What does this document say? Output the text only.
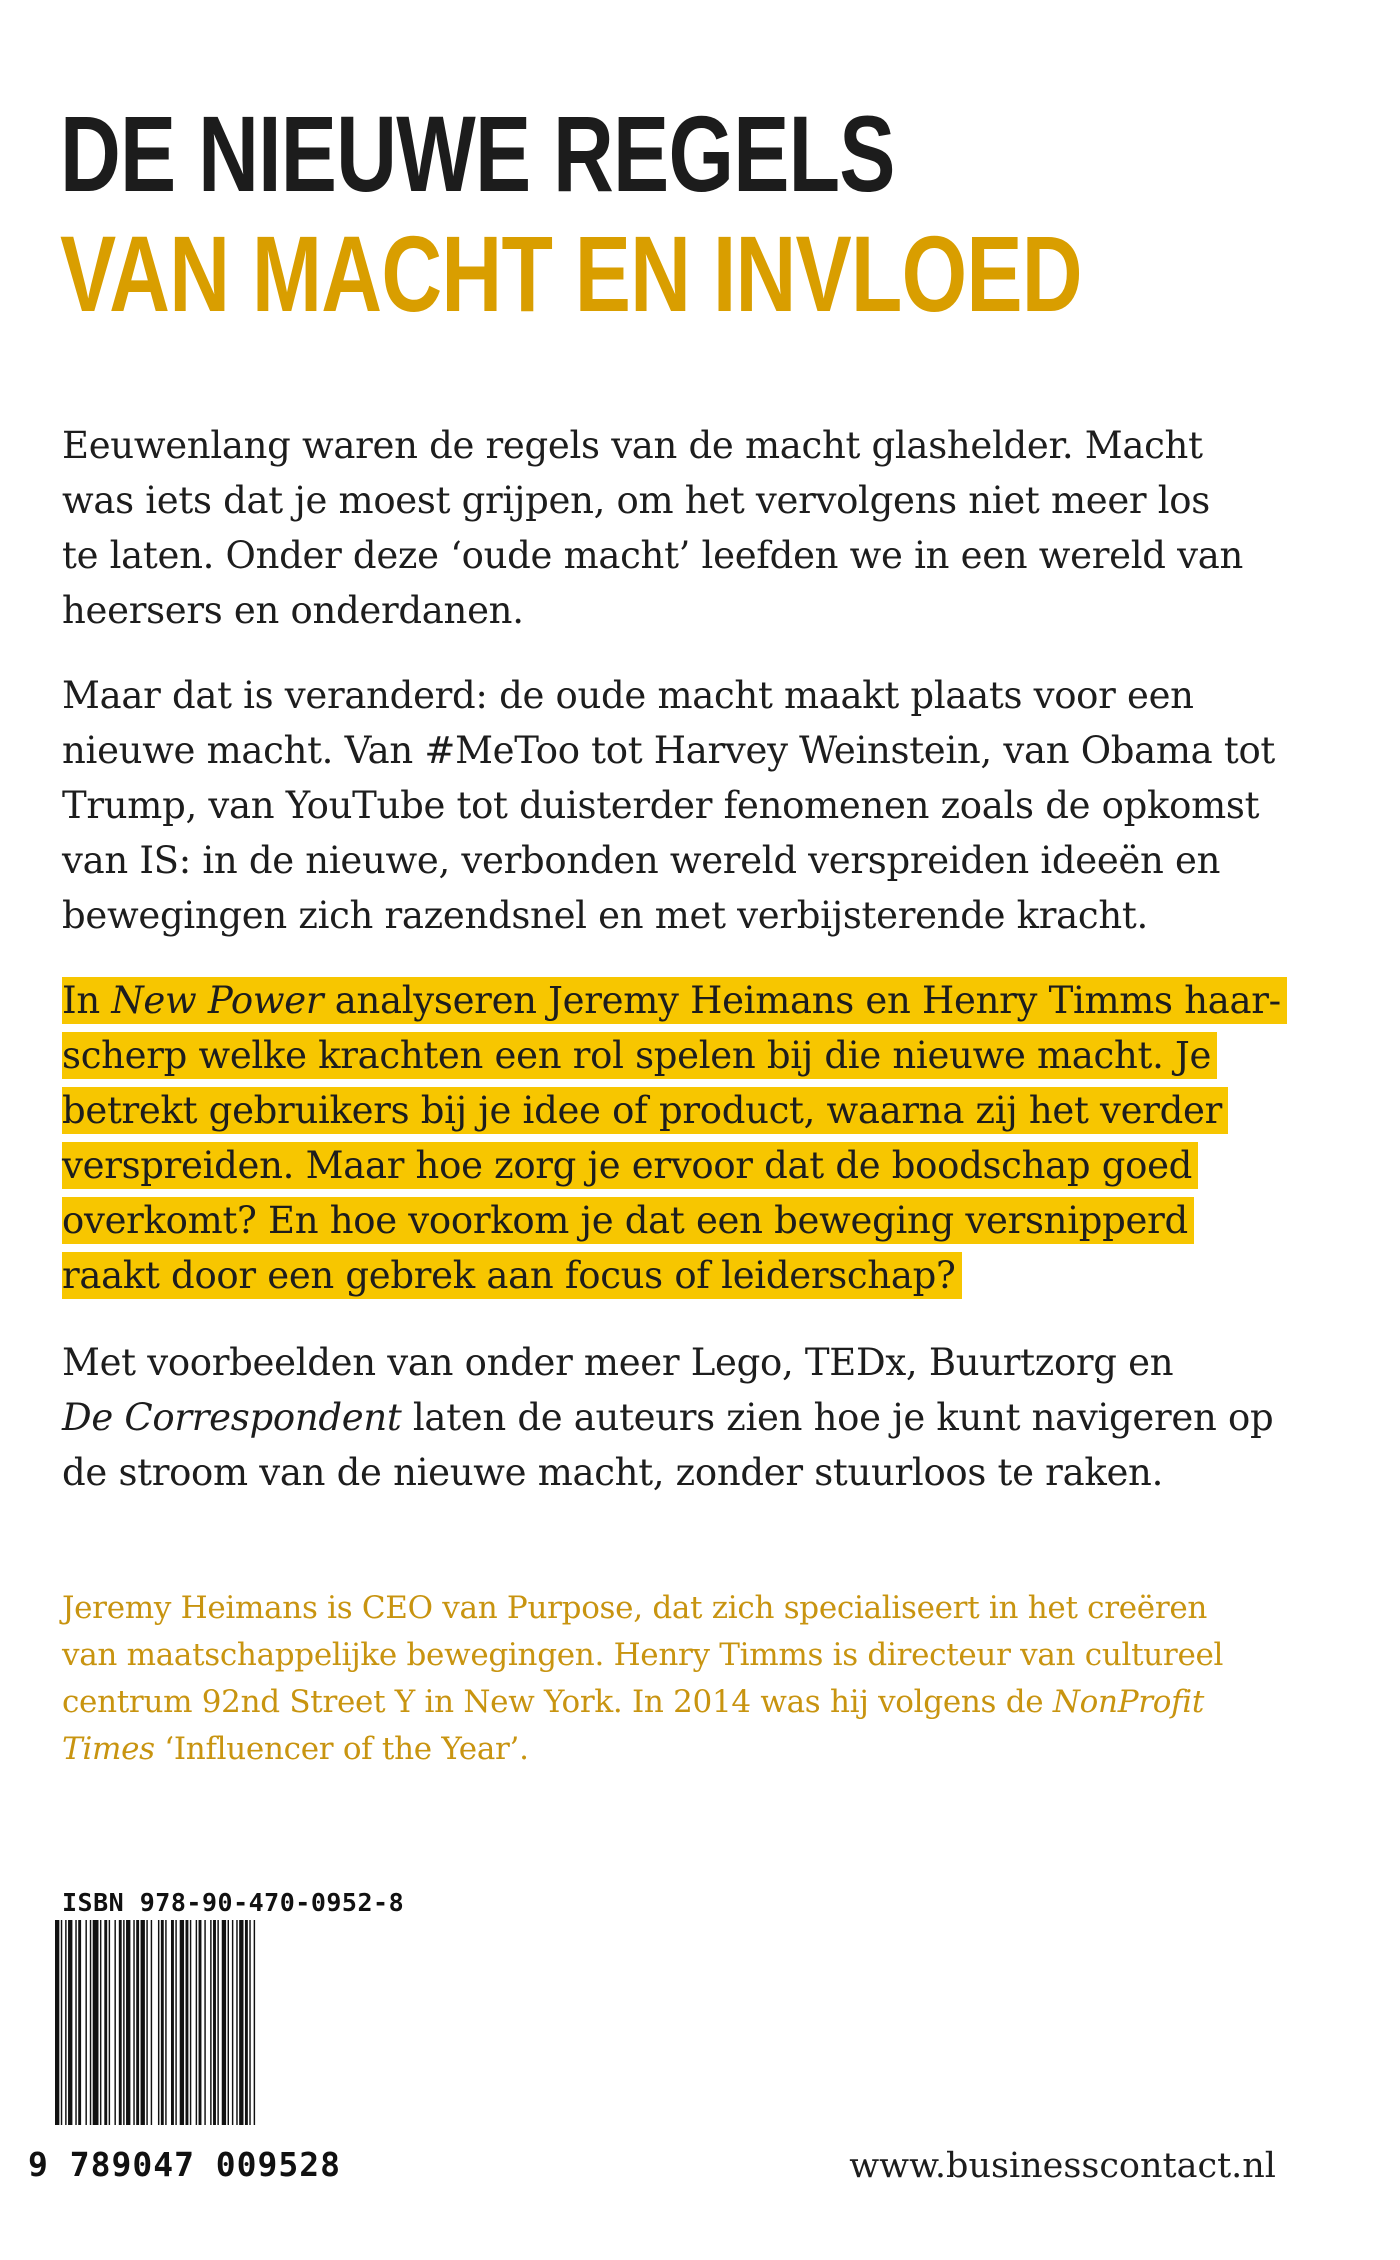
DE NIEUWE REGELS
VAN MACHT EN INVLOED

Eeuwenlang waren de regels van de macht glashelder. Macht
was iets dat je moest grijpen, om het vervolgens niet meer los
te laten. Onder deze ‘oude macht’ leefden we in een wereld van
heersers en onderdanen.

Maar dat is veranderd: de oude macht maakt plaats voor een
nieuwe macht. Van #MeToo tot Harvey Weinstein, van Obama tot
Trump, van YouTube tot duisterder fenomenen zoals de opkomst
van IS: in de nieuwe, verbonden wereld verspreiden ideeën en
bewegingen zich razendsnel en met verbijsterende kracht.

In New Power analyseren Jeremy Heimans en Henry Timms haar-
scherp welke krachten een rol spelen bij die nieuwe macht. Je
betrekt gebruikers bij je idee of product, waarna zij het verder
verspreiden. Maar hoe zorg je ervoor dat de boodschap goed
overkomt? En hoe voorkom je dat een beweging versnipperd
raakt door een gebrek aan focus of leiderschap?

Met voorbeelden van onder meer Lego, TEDx, Buurtzorg en
De Correspondent laten de auteurs zien hoe je kunt navigeren op
de stroom van de nieuwe macht, zonder stuurloos te raken.

Jeremy Heimans is CEO van Purpose, dat zich specialiseert in het creëren
van maatschappelijke bewegingen. Henry Timms is directeur van cultureel
centrum 92nd Street Y in New York. In 2014 was hij volgens de NonProfit
Times ‘Influencer of the Year’.

ISBN 978-90-470-0952-8
9 789047 009528	www.businesscontact.nl
